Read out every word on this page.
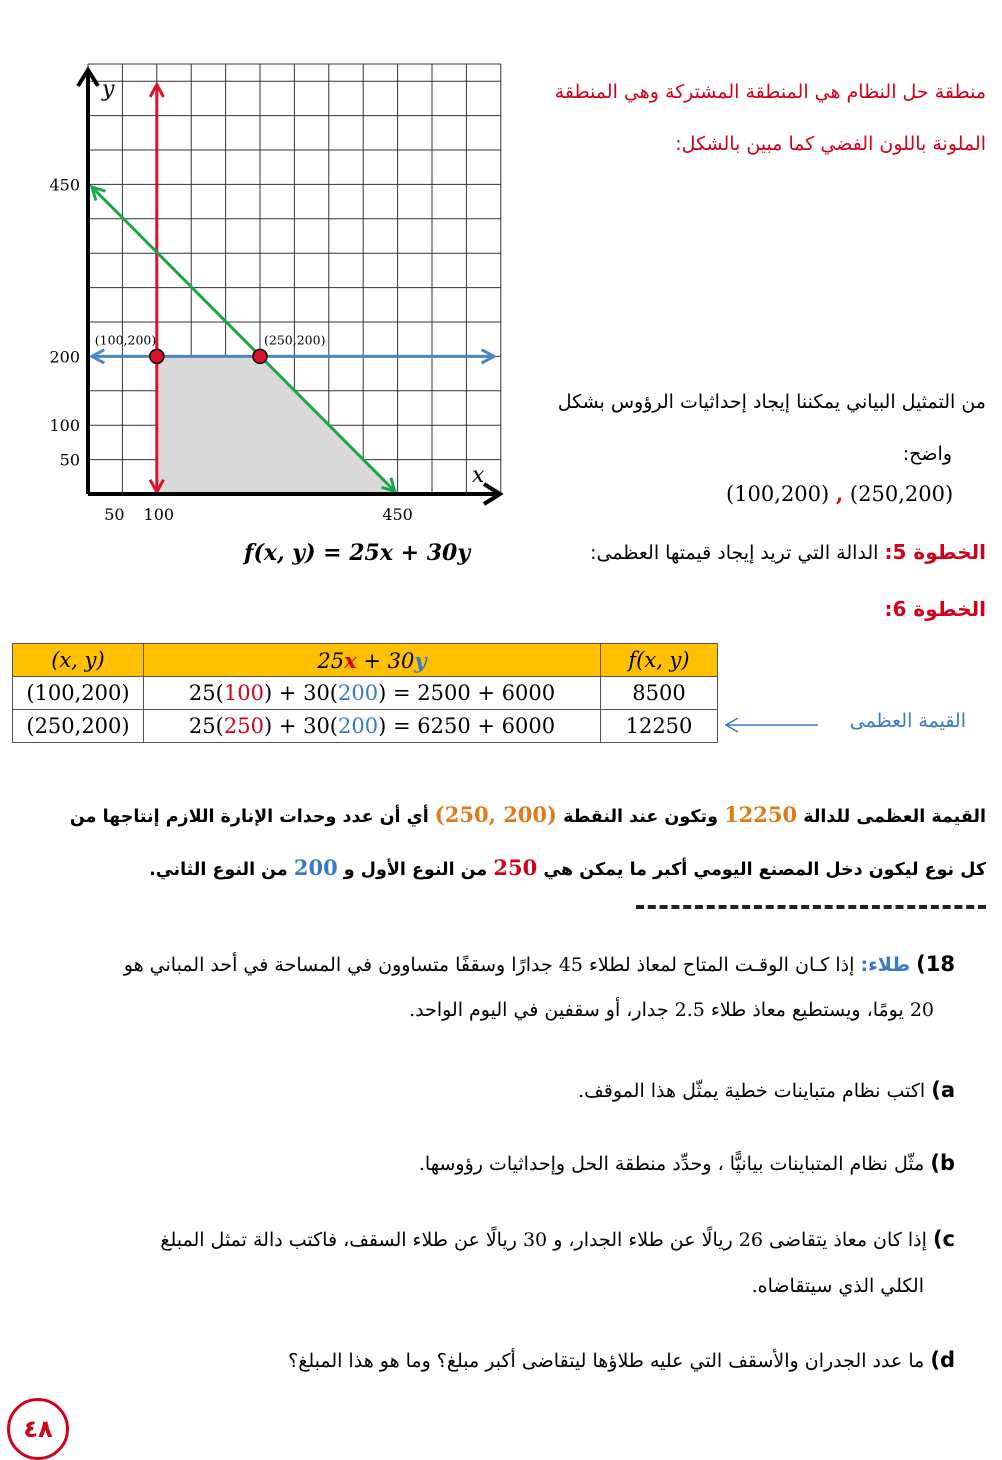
y
x
450
200
100
50
50 100	450
(100,200)	(250,200)
منطقة حل النظام هي المنطقة المشتركة وهي المنطقة
الملونة باللون الفضي كما مبين بالشكل:
من التمثيل البياني يمكننا إيجاد إحداثيات الرؤوس بشكل
واضح:
(100,200) , (250,200)
الخطوة 5: الدالة التي تريد إيجاد قيمتها العظمى:
f(x, y) = 25x + 30y
الخطوة 6:
(x, y)	25x + 30y	f(x, y)
(100,200)	25(100) + 30(200) = 2500 + 6000	8500
(250,200)	25(250) + 30(200) = 6250 + 6000	12250	القيمة العظمى
القيمة العظمى للدالة 12250 وتكون عند النقطة (250, 200) أي أن عدد وحدات الإنارة اللازم إنتاجها من
كل نوع ليكون دخل المصنع اليومي أكبر ما يمكن هي 250 من النوع الأول و 200 من النوع الثاني.
18) طلاء: إذا كـان الوقـت المتاح لمعاذ لطلاء 45 جدارًا وسقفًا متساوون في المساحة في أحد المباني هو
20 يومًا، ويستطيع معاذ طلاء 2.5 جدار، أو سقفين في اليوم الواحد.
a) اكتب نظام متباينات خطية يمثّل هذا الموقف.
b) مثّل نظام المتباينات بيانيًّا ، وحدِّد منطقة الحل وإحداثيات رؤوسها.
c) إذا كان معاذ يتقاضى 26 ريالًا عن طلاء الجدار، و 30 ريالًا عن طلاء السقف، فاكتب دالة تمثل المبلغ
الكلي الذي سيتقاضاه.
d) ما عدد الجدران والأسقف التي عليه طلاؤها ليتقاضى أكبر مبلغ؟ وما هو هذا المبلغ؟
٤٨
